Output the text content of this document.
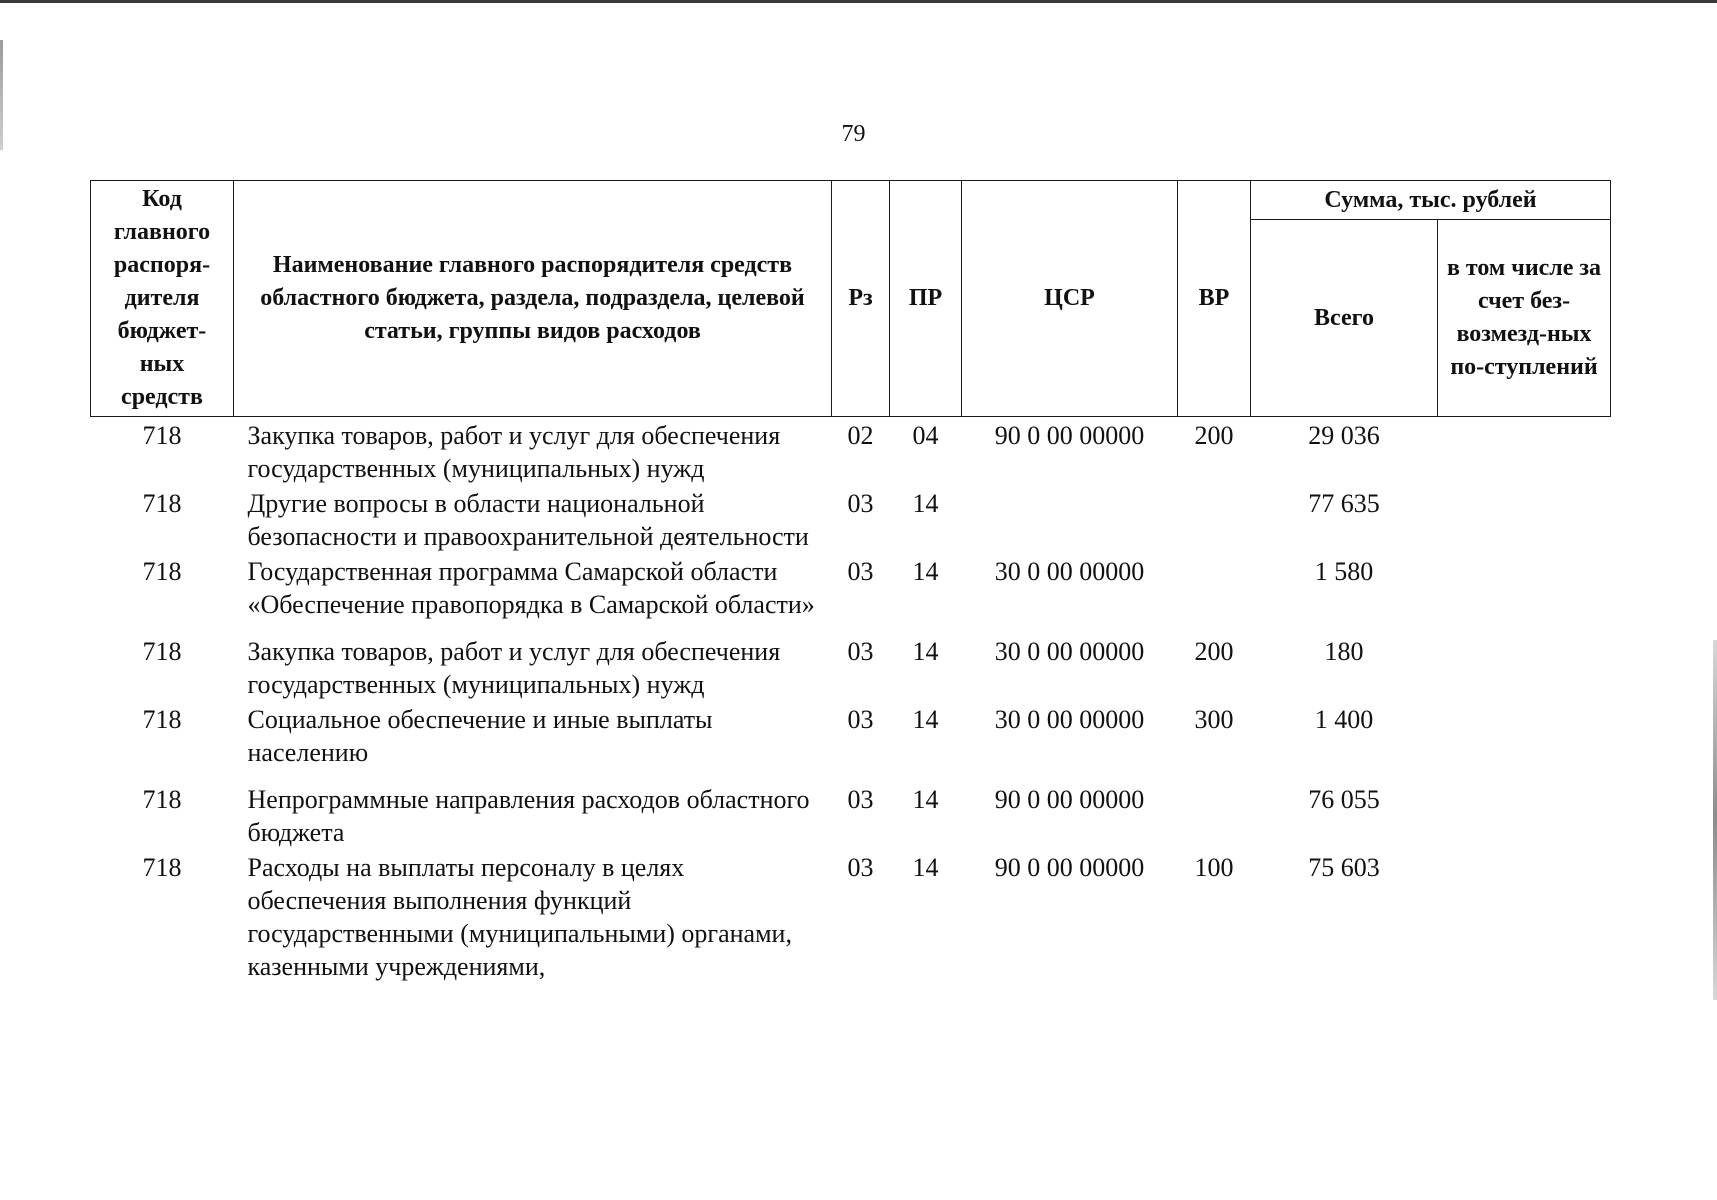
79
Код главного распоря-дителя бюджет-ных средств	Наименование главного распорядителя средств областного бюджета, раздела, подраздела, целевой статьи, группы видов расходов	Рз	ПР	ЦСР	ВР	Сумма, тыс. рублей	
						Всего	в том числе за счет без-возмезд-ных по-ступлений
718	Закупка товаров, работ и услуг для обеспечения государственных (муниципальных) нужд	02	04	90 0 00 00000	200	29 036	
718	Другие вопросы в области национальной безопасности и правоохранительной деятельности	03	14			77 635	
718	Государственная программа Самарской области «Обеспечение правопорядка в Самарской области»	03	14	30 0 00 00000		1 580	
718	Закупка товаров, работ и услуг для обеспечения государственных (муниципальных) нужд	03	14	30 0 00 00000	200	180	
718	Социальное обеспечение и иные выплаты населению	03	14	30 0 00 00000	300	1 400	
718	Непрограммные направления расходов областного бюджета	03	14	90 0 00 00000		76 055	
718	Расходы на выплаты персоналу в целях обеспечения выполнения функций государственными (муниципальными) органами, казенными учреждениями,	03	14	90 0 00 00000	100	75 603	
